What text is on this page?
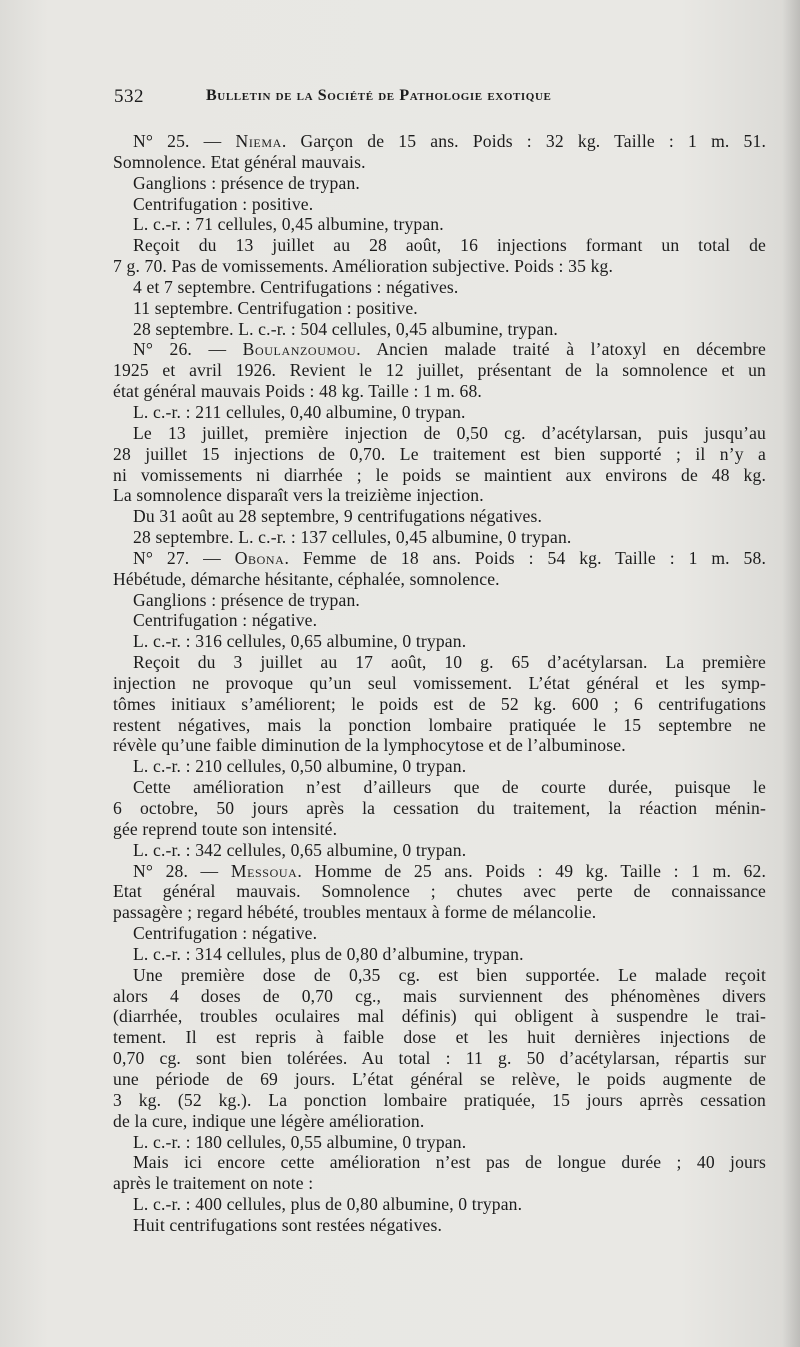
532	Bulletin de la Société de Pathologie exotique

N° 25. — Niema. Garçon de 15 ans. Poids : 32 kg. Taille : 1 m. 51.

Somnolence. Etat général mauvais.

Ganglions : présence de trypan.

Centrifugation : positive.

L. c.-r. : 71 cellules, 0,45 albumine, trypan.

Reçoit du 13 juillet au 28 août, 16 injections formant un total de

7 g. 70. Pas de vomissements. Amélioration subjective. Poids : 35 kg.

4 et 7 septembre. Centrifugations : négatives.

11 septembre. Centrifugation : positive.

28 septembre. L. c.-r. : 504 cellules, 0,45 albumine, trypan.

N° 26. — Boulanzoumou. Ancien malade traité à l’atoxyl en décembre

1925 et avril 1926. Revient le 12 juillet, présentant de la somnolence et un

état général mauvais Poids : 48 kg. Taille : 1 m. 68.

L. c.-r. : 211 cellules, 0,40 albumine, 0 trypan.

Le 13 juillet, première injection de 0,50 cg. d’acétylarsan, puis jusqu’au

28 juillet 15 injections de 0,70. Le traitement est bien supporté ; il n’y a

ni vomissements ni diarrhée ; le poids se maintient aux environs de 48 kg.

La somnolence disparaît vers la treizième injection.

Du 31 août au 28 septembre, 9 centrifugations négatives.

28 septembre. L. c.-r. : 137 cellules, 0,45 albumine, 0 trypan.

N° 27. — Obona. Femme de 18 ans. Poids : 54 kg. Taille : 1 m. 58.

Hébétude, démarche hésitante, céphalée, somnolence.

Ganglions : présence de trypan.

Centrifugation : négative.

L. c.-r. : 316 cellules, 0,65 albumine, 0 trypan.

Reçoit du 3 juillet au 17 août, 10 g. 65 d’acétylarsan. La première

injection ne provoque qu’un seul vomissement. L’état général et les symp-

tômes initiaux s’améliorent; le poids est de 52 kg. 600 ; 6 centrifugations

restent négatives, mais la ponction lombaire pratiquée le 15 septembre ne

révèle qu’une faible diminution de la lymphocytose et de l’albuminose.

L. c.-r. : 210 cellules, 0,50 albumine, 0 trypan.

Cette amélioration n’est d’ailleurs que de courte durée, puisque le

6 octobre, 50 jours après la cessation du traitement, la réaction ménin-

gée reprend toute son intensité.

L. c.-r. : 342 cellules, 0,65 albumine, 0 trypan.

N° 28. — Messoua. Homme de 25 ans. Poids : 49 kg. Taille : 1 m. 62.

Etat général mauvais. Somnolence ; chutes avec perte de connaissance

passagère ; regard hébété, troubles mentaux à forme de mélancolie.

Centrifugation : négative.

L. c.-r. : 314 cellules, plus de 0,80 d’albumine, trypan.

Une première dose de 0,35 cg. est bien supportée. Le malade reçoit

alors 4 doses de 0,70 cg., mais surviennent des phénomènes divers

(diarrhée, troubles oculaires mal définis) qui obligent à suspendre le trai-

tement. Il est repris à faible dose et les huit dernières injections de

0,70 cg. sont bien tolérées. Au total : 11 g. 50 d’acétylarsan, répartis sur

une période de 69 jours. L’état général se relève, le poids augmente de

3 kg. (52 kg.). La ponction lombaire pratiquée, 15 jours aprrès cessation

de la cure, indique une légère amélioration.

L. c.-r. : 180 cellules, 0,55 albumine, 0 trypan.

Mais ici encore cette amélioration n’est pas de longue durée ; 40 jours

après le traitement on note :

L. c.-r. : 400 cellules, plus de 0,80 albumine, 0 trypan.

Huit centrifugations sont restées négatives.
